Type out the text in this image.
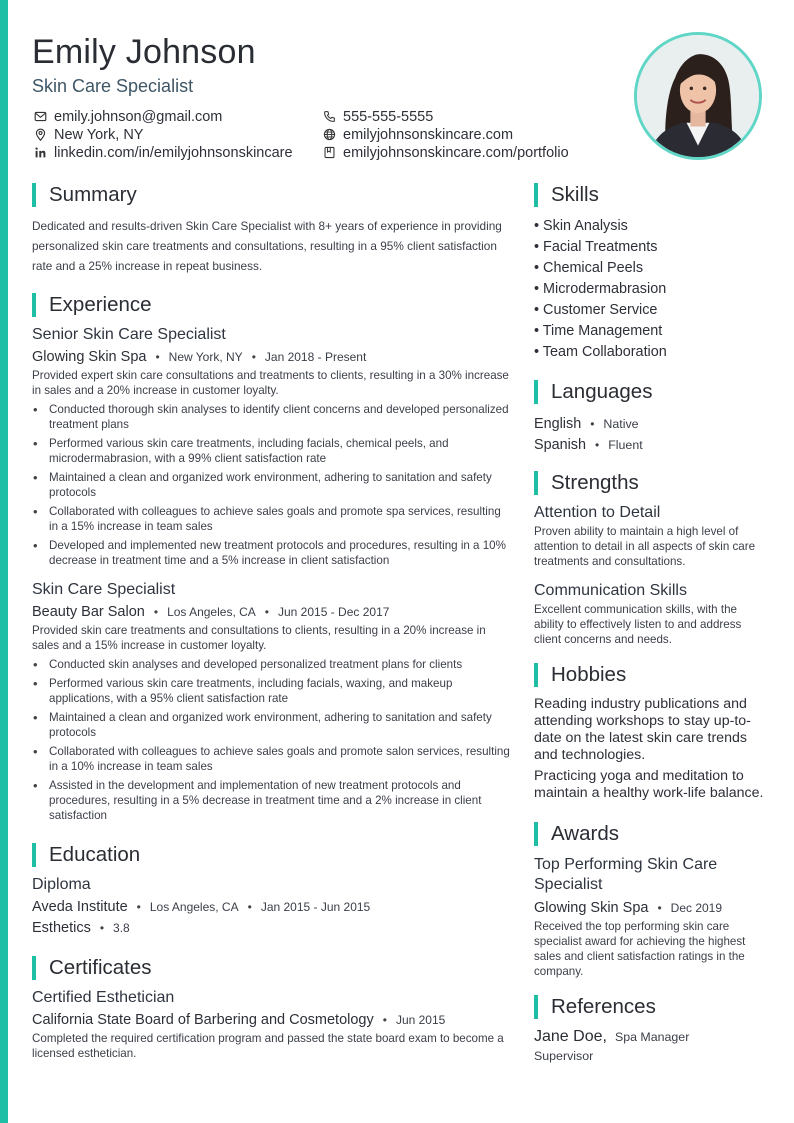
Emily Johnson
Skin Care Specialist
emily.johnson@gmail.com	555-555-5555
New York, NY	emilyjohnsonskincare.com
linkedin.com/in/emilyjohnsonskincare	emilyjohnsonskincare.com/portfolio
Summary

Dedicated and results-driven Skin Care Specialist with 8+ years of experience in providing personalized skin care treatments and consultations, resulting in a 95% client satisfaction rate and a 25% increase in repeat business.

Experience
Senior Skin Care Specialist
Glowing Skin Spa • New York, NY • Jan 2018 - Present

Provided expert skin care consultations and treatments to clients, resulting in a 30% increase in sales and a 20% increase in customer loyalty.

• Conducted thorough skin analyses to identify client concerns and developed personalized treatment plans
• Performed various skin care treatments, including facials, chemical peels, and microdermabrasion, with a 99% client satisfaction rate
• Maintained a clean and organized work environment, adhering to sanitation and safety protocols
• Collaborated with colleagues to achieve sales goals and promote spa services, resulting in a 15% increase in team sales
• Developed and implemented new treatment protocols and procedures, resulting in a 10% decrease in treatment time and a 5% increase in client satisfaction
Skin Care Specialist
Beauty Bar Salon • Los Angeles, CA • Jun 2015 - Dec 2017

Provided skin care treatments and consultations to clients, resulting in a 20% increase in sales and a 15% increase in customer loyalty.

• Conducted skin analyses and developed personalized treatment plans for clients
• Performed various skin care treatments, including facials, waxing, and makeup applications, with a 95% client satisfaction rate
• Maintained a clean and organized work environment, adhering to sanitation and safety protocols
• Collaborated with colleagues to achieve sales goals and promote salon services, resulting in a 10% increase in team sales
• Assisted in the development and implementation of new treatment protocols and procedures, resulting in a 5% decrease in treatment time and a 2% increase in client satisfaction
Education
Diploma
Aveda Institute • Los Angeles, CA • Jan 2015 - Jun 2015
Esthetics • 3.8
Certificates
Certified Esthetician
California State Board of Barbering and Cosmetology • Jun 2015

Completed the required certification program and passed the state board exam to become a licensed esthetician.

Skills
• Skin Analysis
• Facial Treatments
• Chemical Peels
• Microdermabrasion
• Customer Service
• Time Management
• Team Collaboration
Languages
English • Native
Spanish • Fluent
Strengths
Attention to Detail

Proven ability to maintain a high level of attention to detail in all aspects of skin care treatments and consultations.

Communication Skills

Excellent communication skills, with the ability to effectively listen to and address client concerns and needs.

Hobbies

Reading industry publications and attending workshops to stay up-to-date on the latest skin care trends and technologies.

Practicing yoga and meditation to maintain a healthy work-life balance.

Awards
Top Performing Skin Care Specialist
Glowing Skin Spa • Dec 2019

Received the top performing skin care specialist award for achieving the highest sales and client satisfaction ratings in the company.

References
Jane Doe, Spa Manager
Supervisor
